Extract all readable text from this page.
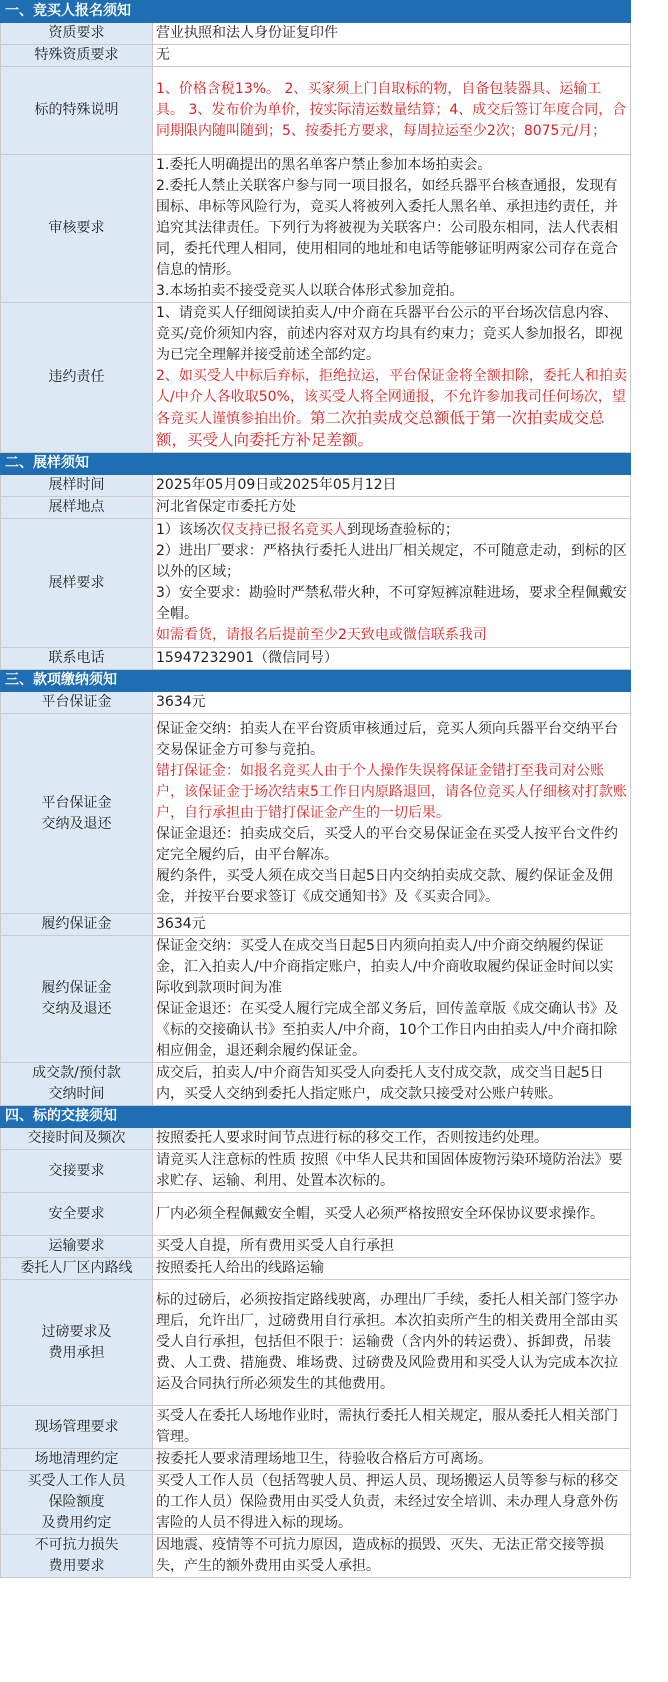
一、竞买人报名须知		
资质要求	营业执照和法人身份证复印件	
特殊资质要求	无	
标的特殊说明	1、价格含税13%。 2、买家须上门自取标的物，自备包装器具、运输工具。 3、发布价为单价，按实际清运数量结算；4、成交后签订年度合同，合同期限内随叫随到；5、按委托方要求，每周拉运至少2次；8075元/月；	
审核要求	1.委托人明确提出的黑名单客户禁止参加本场拍卖会。
2.委托人禁止关联客户参与同一项目报名，如经兵器平台核查通报，发现有围标、串标等风险行为，竞买人将被列入委托人黑名单、承担违约责任，并追究其法律责任。下列行为将被视为关联客户：公司股东相同，法人代表相同，委托代理人相同，使用相同的地址和电话等能够证明两家公司存在竞合信息的情形。
3.本场拍卖不接受竞买人以联合体形式参加竞拍。	

违约责任	1、请竞买人仔细阅读拍卖人/中介商在兵器平台公示的平台场次信息内容、竞买/竞价须知内容，前述内容对双方均具有约束力；竞买人参加报名，即视为已完全理解并接受前述全部约定。
2、如买受人中标后弃标，拒绝拉运，平台保证金将全额扣除，委托人和拍卖人/中介人各收取50%，该买受人将全网通报，不允许参加我司任何场次，望各竞买人谨慎参拍出价。第二次拍卖成交总额低于第一次拍卖成交总额，买受人向委托方补足差额。	
二、展样须知		
展样时间	2025年05月09日或2025年05月12日	
展样地点	河北省保定市委托方处	
展样要求	1）该场次仅支持已报名竞买人到现场查验标的；
2）进出厂要求：严格执行委托人进出厂相关规定，不可随意走动，到标的区以外的区域；
3）安全要求：勘验时严禁私带火种，不可穿短裤凉鞋进场，要求全程佩戴安全帽。
如需看货，请报名后提前至少2天致电或微信联系我司	

联系电话	15947232901（微信同号）	
三、款项缴纳须知		
平台保证金	3634元	
平台保证金
交纳及退还	保证金交纳：拍卖人在平台资质审核通过后，竞买人须向兵器平台交纳平台交易保证金方可参与竞拍。
错打保证金：如报名竞买人由于个人操作失误将保证金错打至我司对公账户，该保证金于场次结束5工作日内原路退回，请各位竞买人仔细核对打款账户，自行承担由于错打保证金产生的一切后果。
保证金退还：拍卖成交后，买受人的平台交易保证金在买受人按平台文件约定完全履约后，由平台解冻。
履约条件，买受人须在成交当日起5日内交纳拍卖成交款、履约保证金及佣金，并按平台要求签订《成交通知书》及《买卖合同》。	

履约保证金	3634元	
履约保证金
交纳及退还	保证金交纳：买受人在成交当日起5日内须向拍卖人/中介商交纳履约保证金，汇入拍卖人/中介商指定账户，拍卖人/中介商收取履约保证金时间以实际收到款项时间为准
保证金退还：在买受人履行完成全部义务后，回传盖章版《成交确认书》及《标的交接确认书》至拍卖人/中介商，10个工作日内由拍卖人/中介商扣除相应佣金，退还剩余履约保证金。	

成交款/预付款
交纳时间	成交后，拍卖人/中介商告知买受人向委托人支付成交款，成交当日起5日内，买受人交纳到委托人指定账户，成交款只接受对公账户转账。	
四、标的交接须知		
交接时间及频次	按照委托人要求时间节点进行标的移交工作，否则按违约处理。	
交接要求	请竞买人注意标的性质 按照《中华人民共和国固体废物污染环境防治法》要求贮存、运输、利用、处置本次标的。	
安全要求	厂内必须全程佩戴安全帽，买受人必须严格按照安全环保协议要求操作。	
运输要求	买受人自提，所有费用买受人自行承担	
委托人厂区内路线	按照委托人给出的线路运输	
过磅要求及
费用承担	标的过磅后，必须按指定路线驶离，办理出厂手续，委托人相关部门签字办理后，允许出厂，过磅费用自行承担。本次拍卖所产生的相关费用全部由买受人自行承担，包括但不限于：运输费（含内外的转运费）、拆卸费，吊装费、人工费、措施费、堆场费、过磅费及风险费用和买受人认为完成本次拉运及合同执行所必须发生的其他费用。	
现场管理要求	买受人在委托人场地作业时，需执行委托人相关规定，服从委托人相关部门管理。	
场地清理约定	按委托人要求清理场地卫生，待验收合格后方可离场。	
买受人工作人员
保险额度
及费用约定	买受人工作人员（包括驾驶人员、押运人员、现场搬运人员等参与标的移交的工作人员）保险费用由买受人负责，未经过安全培训、未办理人身意外伤害险的人员不得进入标的现场。	
不可抗力损失
费用要求	因地震、疫情等不可抗力原因，造成标的损毁、灭失、无法正常交接等损失，产生的额外费用由买受人承担。	
